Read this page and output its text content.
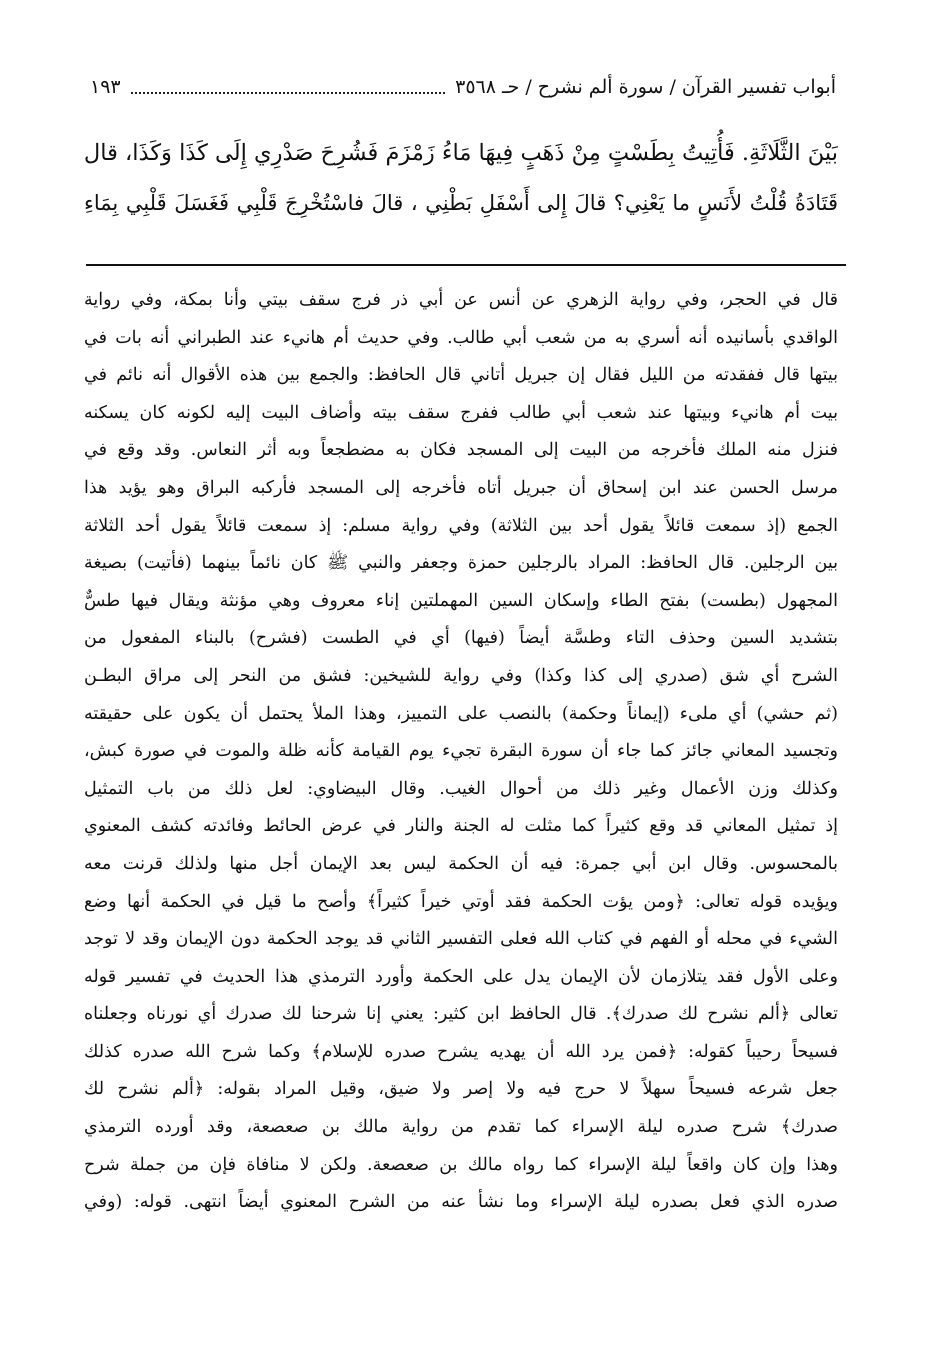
أبواب تفسير القرآن / سورة ألم نشرح / حـ ٣٥٦٨
١٩٣

بَيْنَ الثَّلَاثَةِ. فَأُتِيتُ بِطَسْتٍ مِنْ ذَهَبٍ فِيهَا مَاءُ زَمْزَمَ فَشُرِحَ صَدْرِي إِلَى كَذَا وَكَذَا، قال

قَتَادَةُ قُلْتُ لأَنَسٍ ما يَعْنِي؟ قالَ إِلى أَسْفَلِ بَطْنِي ، قالَ فاسْتُخْرِجَ قَلْبِي فَغَسَلَ قَلْبِي بِمَاءِ

قال في الحجر، وفي رواية الزهري عن أنس عن أبي ذر فرج سقف بيتي وأنا بمكة، وفي رواية

الواقدي بأسانيده أنه أسري به من شعب أبي طالب. وفي حديث أم هانيء عند الطبراني أنه بات في

بيتها قال ففقدته من الليل فقال إن جبريل أتاني قال الحافظ: والجمع بين هذه الأقوال أنه نائم في

بيت أم هانيء وبيتها عند شعب أبي طالب ففرج سقف بيته وأضاف البيت إليه لكونه كان يسكنه

فنزل منه الملك فأخرجه من البيت إلى المسجد فكان به مضطجعاً وبه أثر النعاس. وقد وقع في

مرسل الحسن عند ابن إسحاق أن جبريل أتاه فأخرجه إلى المسجد فأركبه البراق وهو يؤيد هذا

الجمع (إذ سمعت قائلاً يقول أحد بين الثلاثة) وفي رواية مسلم: إذ سمعت قائلاً يقول أحد الثلاثة

بين الرجلين. قال الحافظ: المراد بالرجلين حمزة وجعفر والنبي ﷺ كان نائماً بينهما (فأتيت) بصيغة

المجهول (بطست) بفتح الطاء وإسكان السين المهملتين إناء معروف وهي مؤنثة ويقال فيها طسٌّ

بتشديد السين وحذف التاء وطسَّة أيضاً (فيها) أي في الطست (فشرح) بالبناء المفعول من

الشرح أي شق (صدري إلى كذا وكذا) وفي رواية للشيخين: فشق من النحر إلى مراق البطـن

(ثم حشي) أي ملىء (إيماناً وحكمة) بالنصب على التمييز، وهذا الملأ يحتمل أن يكون على حقيقته

وتجسيد المعاني جائز كما جاء أن سورة البقرة تجيء يوم القيامة كأنه ظلة والموت في صورة كبش،

وكذلك وزن الأعمال وغير ذلك من أحوال الغيب. وقال البيضاوي: لعل ذلك من باب التمثيل

إذ تمثيل المعاني قد وقع كثيراً كما مثلت له الجنة والنار في عرض الحائط وفائدته كشف المعنوي

بالمحسوس. وقال ابن أبي جمرة: فيه أن الحكمة ليس بعد الإيمان أجل منها ولذلك قرنت معه

ويؤيده قوله تعالى: ﴿ومن يؤت الحكمة فقد أوتي خيراً كثيراً﴾ وأصح ما قيل في الحكمة أنها وضع

الشيء في محله أو الفهم في كتاب الله فعلى التفسير الثاني قد يوجد الحكمة دون الإيمان وقد لا توجد

وعلى الأول فقد يتلازمان لأن الإيمان يدل على الحكمة وأورد الترمذي هذا الحديث في تفسير قوله

تعالى ﴿ألم نشرح لك صدرك﴾. قال الحافظ ابن كثير: يعني إنا شرحنا لك صدرك أي نورناه وجعلناه

فسيحاً رحيباً كقوله: ﴿فمن يرد الله أن يهديه يشرح صدره للإسلام﴾ وكما شرح الله صدره كذلك

جعل شرعه فسيحاً سهلاً لا حرج فيه ولا إصر ولا ضيق، وقيل المراد بقوله: ﴿ألم نشرح لك

صدرك﴾ شرح صدره ليلة الإسراء كما تقدم من رواية مالك بن صعصعة، وقد أورده الترمذي

وهذا وإن كان واقعاً ليلة الإسراء كما رواه مالك بن صعصعة. ولكن لا منافاة فإن من جملة شرح

صدره الذي فعل بصدره ليلة الإسراء وما نشأ عنه من الشرح المعنوي أيضاً انتهى. قوله: (وفي
